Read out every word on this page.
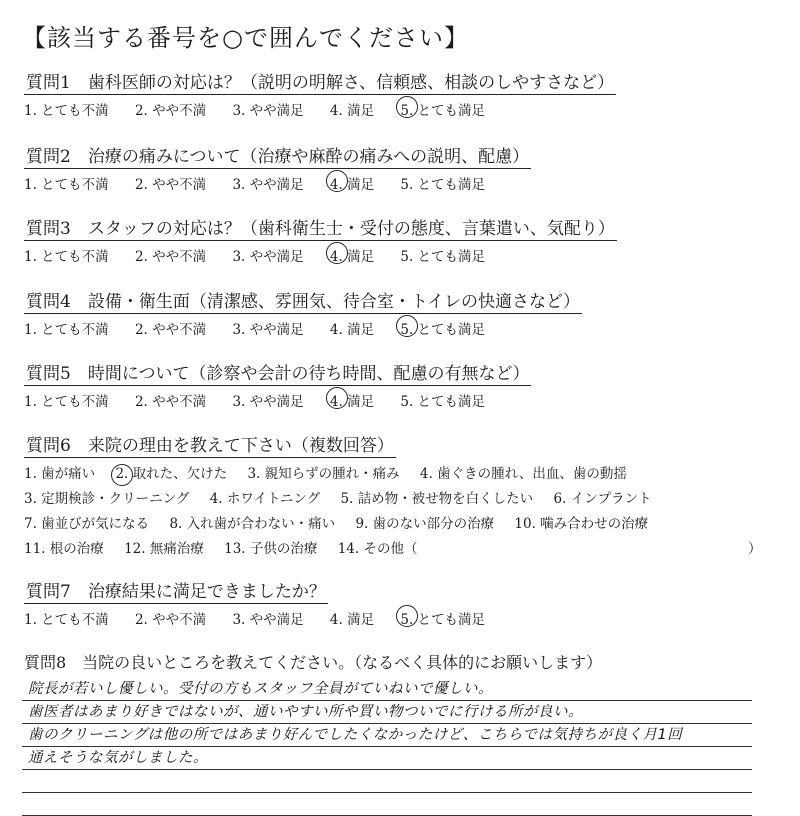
【該当する番号を○で囲んでください】
質問1　歯科医師の対応は？（説明の明解さ、信頼感、相談のしやすさなど）
1. とても不満 2. やや不満 3. やや満足 4. 満足 5. とても満足
質問2　治療の痛みについて（治療や麻酔の痛みへの説明、配慮）
1. とても不満 2. やや不満 3. やや満足 4. 満足 5. とても満足
質問3　スタッフの対応は？（歯科衛生士・受付の態度、言葉遣い、気配り）
1. とても不満 2. やや不満 3. やや満足 4. 満足 5. とても満足
質問4　設備・衛生面（清潔感、雰囲気、待合室・トイレの快適さなど）
1. とても不満 2. やや不満 3. やや満足 4. 満足 5. とても満足
質問5　時間について（診察や会計の待ち時間、配慮の有無など）
1. とても不満 2. やや不満 3. やや満足 4. 満足 5. とても満足
質問6　来院の理由を教えて下さい（複数回答）
1. 歯が痛い 2. 取れた、欠けた 3. 親知らずの腫れ・痛み 4. 歯ぐきの腫れ、出血、歯の動揺
3. 定期検診・クリーニング 4. ホワイトニング 5. 詰め物・被せ物を白くしたい 6. インプラント
7. 歯並びが気になる 8. 入れ歯が合わない・痛い 9. 歯のない部分の治療 10. 噛み合わせの治療
11. 根の治療 12. 無痛治療 13. 子供の治療 14. その他（	）
質問7　治療結果に満足できましたか？
1. とても不満 2. やや不満 3. やや満足 4. 満足 5. とても満足
質問8　当院の良いところを教えてください。（なるべく具体的にお願いします）
院長が若いし優しい。受付の方もスタッフ全員がていねいで優しい。
歯医者はあまり好きではないが、通いやすい所や買い物ついでに行ける所が良い。
歯のクリーニングは他の所ではあまり好んでしたくなかったけど、こちらでは気持ちが良く月1回
通えそうな気がしました。
